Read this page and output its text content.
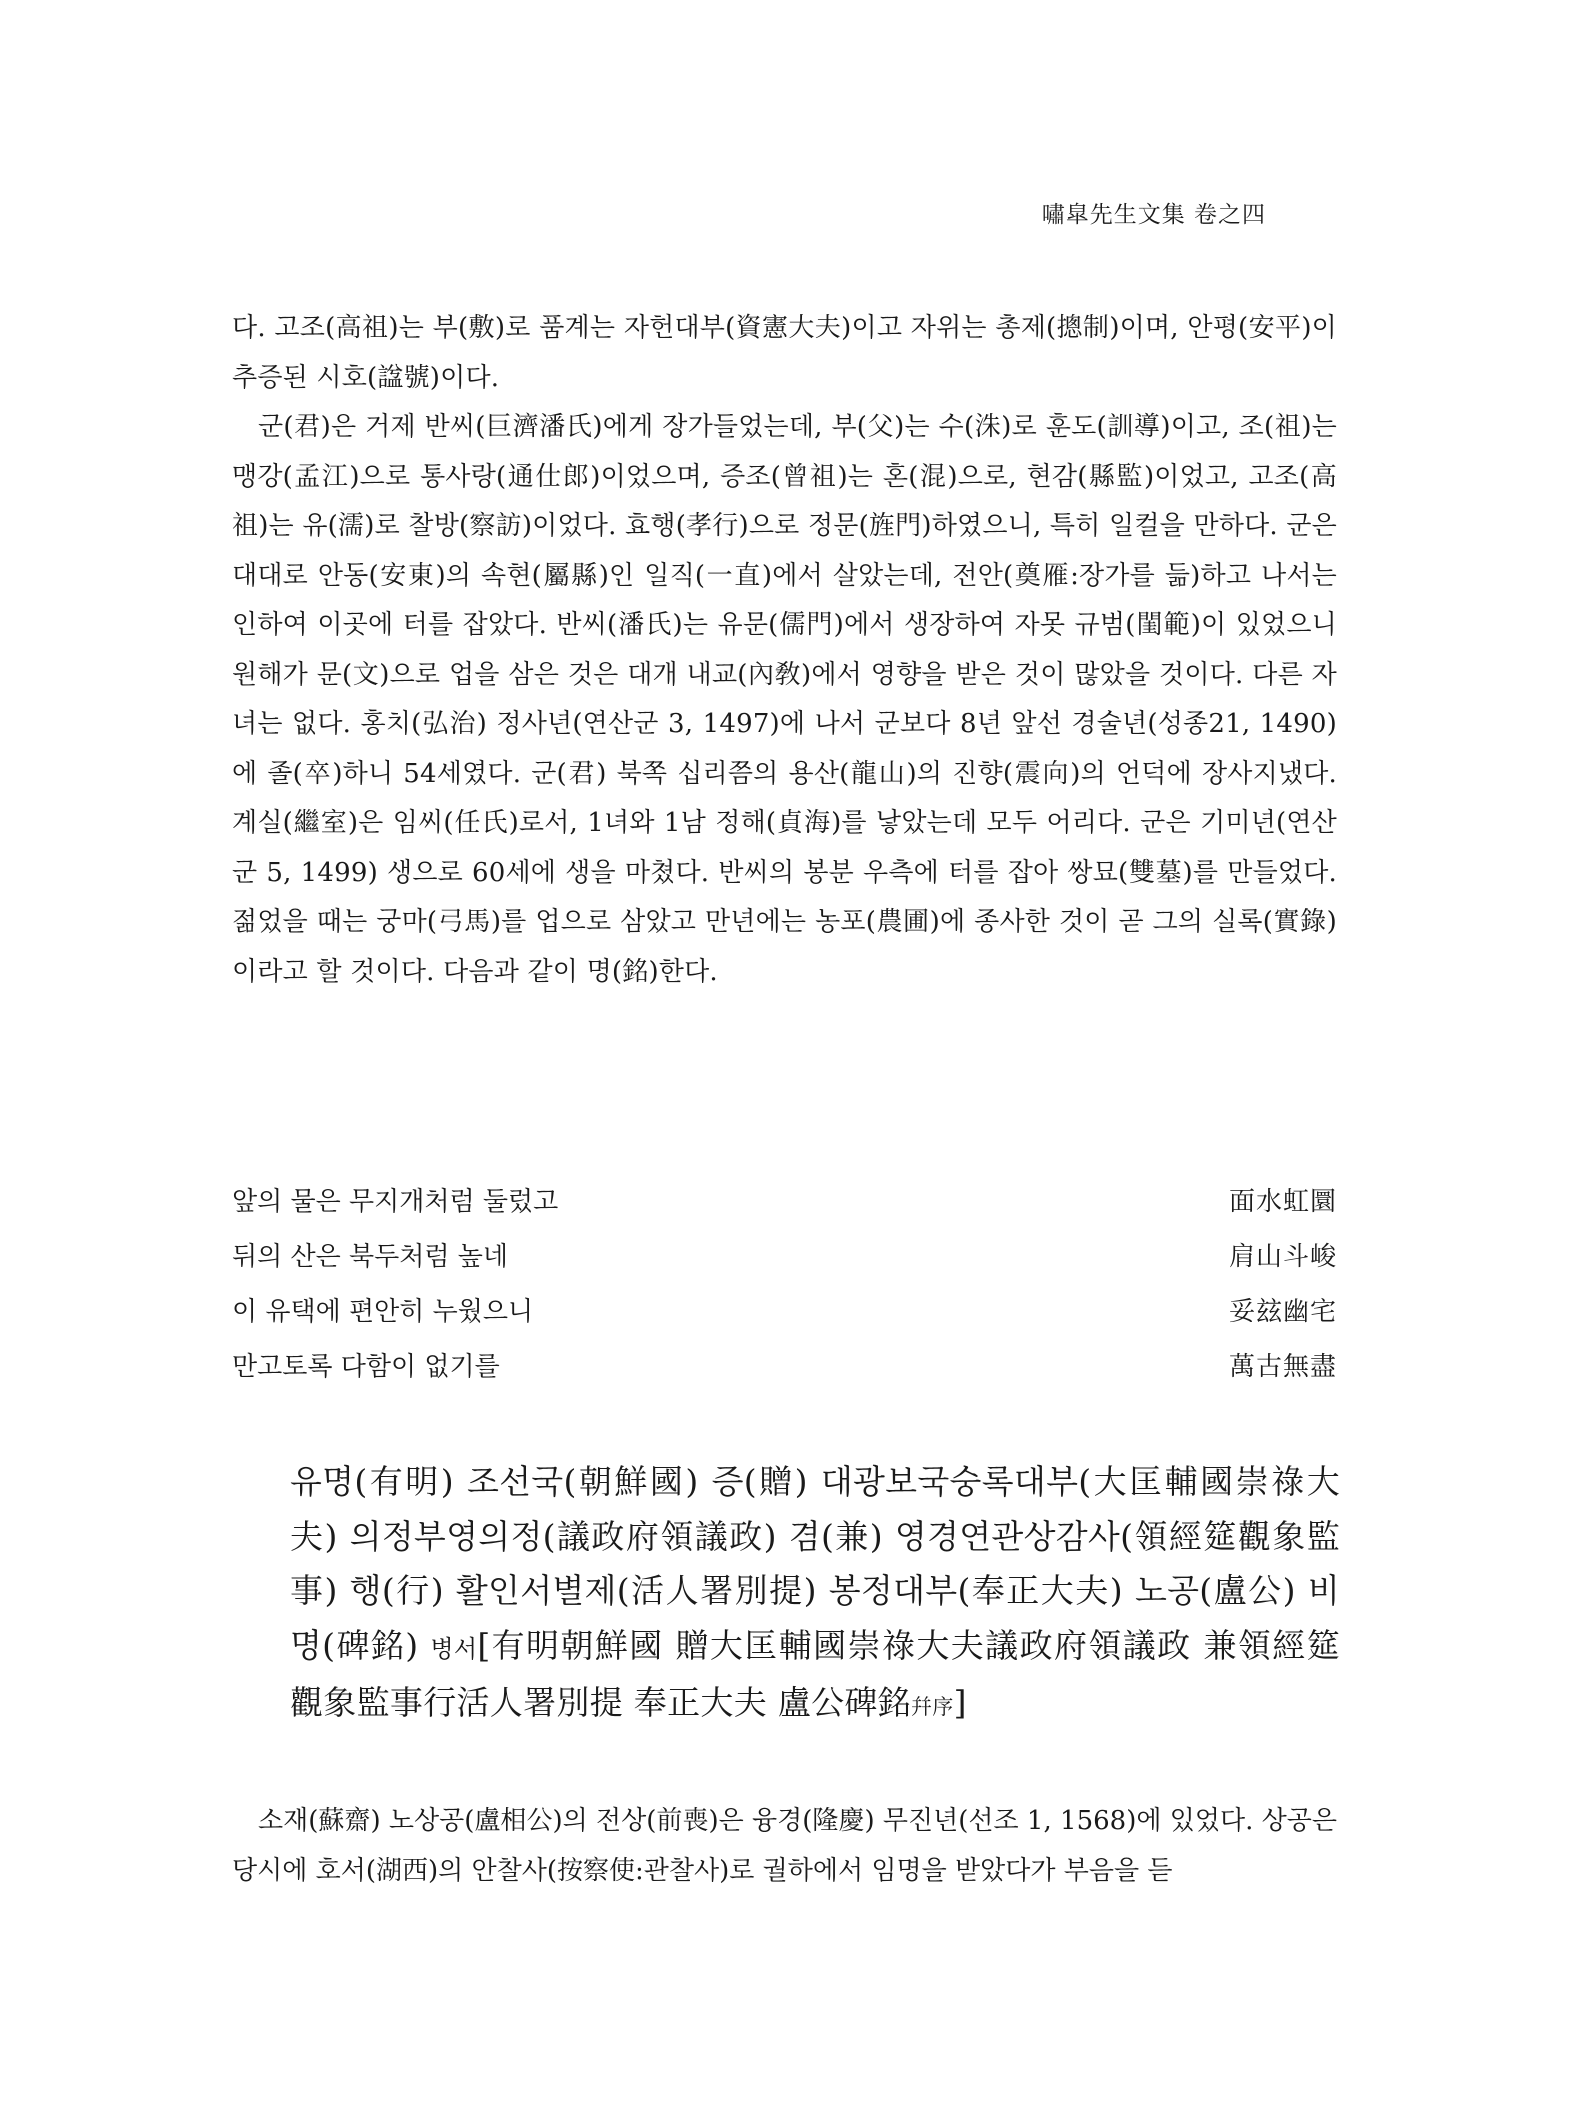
嘯皐先生文集 卷之四

다. 고조(高祖)는 부(敷)로 품계는 자헌대부(資憲大夫)이고 자위는 총제(摠制)이며, 안평(安平)이 추증된 시호(諡號)이다.

군(君)은 거제 반씨(巨濟潘氏)에게 장가들었는데, 부(父)는 수(洙)로 훈도(訓導)이고, 조(祖)는 맹강(孟江)으로 통사랑(通仕郎)이었으며, 증조(曾祖)는 혼(混)으로, 현감(縣監)이었고, 고조(高祖)는 유(濡)로 찰방(察訪)이었다. 효행(孝行)으로 정문(旌門)하였으니, 특히 일컬을 만하다. 군은 대대로 안동(安東)의 속현(屬縣)인 일직(一直)에서 살았는데, 전안(奠雁:장가를 듦)하고 나서는 인하여 이곳에 터를 잡았다. 반씨(潘氏)는 유문(儒門)에서 생장하여 자못 규범(閨範)이 있었으니 원해가 문(文)으로 업을 삼은 것은 대개 내교(內敎)에서 영향을 받은 것이 많았을 것이다. 다른 자녀는 없다. 홍치(弘治) 정사년(연산군 3, 1497)에 나서 군보다 8년 앞선 경술년(성종21, 1490)에 졸(卒)하니 54세였다. 군(君) 북쪽 십리쯤의 용산(龍山)의 진향(震向)의 언덕에 장사지냈다. 계실(繼室)은 임씨(任氏)로서, 1녀와 1남 정해(貞海)를 낳았는데 모두 어리다. 군은 기미년(연산군 5, 1499) 생으로 60세에 생을 마쳤다. 반씨의 봉분 우측에 터를 잡아 쌍묘(雙墓)를 만들었다. 젊었을 때는 궁마(弓馬)를 업으로 삼았고 만년에는 농포(農圃)에 종사한 것이 곧 그의 실록(實錄)이라고 할 것이다. 다음과 같이 명(銘)한다.

앞의 물은 무지개처럼 둘렀고	面水虹圜
뒤의 산은 북두처럼 높네	肩山斗峻
이 유택에 편안히 누웠으니	妥玆幽宅
만고토록 다함이 없기를	萬古無盡
유명(有明) 조선국(朝鮮國) 증(贈) 대광보국숭록대부(大匡輔國崇祿大夫) 의정부영의정(議政府領議政) 겸(兼) 영경연관상감사(領經筵觀象監事) 행(行) 활인서별제(活人署別提) 봉정대부(奉正大夫) 노공(盧公) 비명(碑銘) 병서[有明朝鮮國 贈大匡輔國崇祿大夫議政府領議政 兼領經筵觀象監事行活人署別提 奉正大夫 盧公碑銘幷序]

소재(蘇齋) 노상공(盧相公)의 전상(前喪)은 융경(隆慶) 무진년(선조 1, 1568)에 있었다. 상공은 당시에 호서(湖西)의 안찰사(按察使:관찰사)로 궐하에서 임명을 받았다가 부음을 듣
